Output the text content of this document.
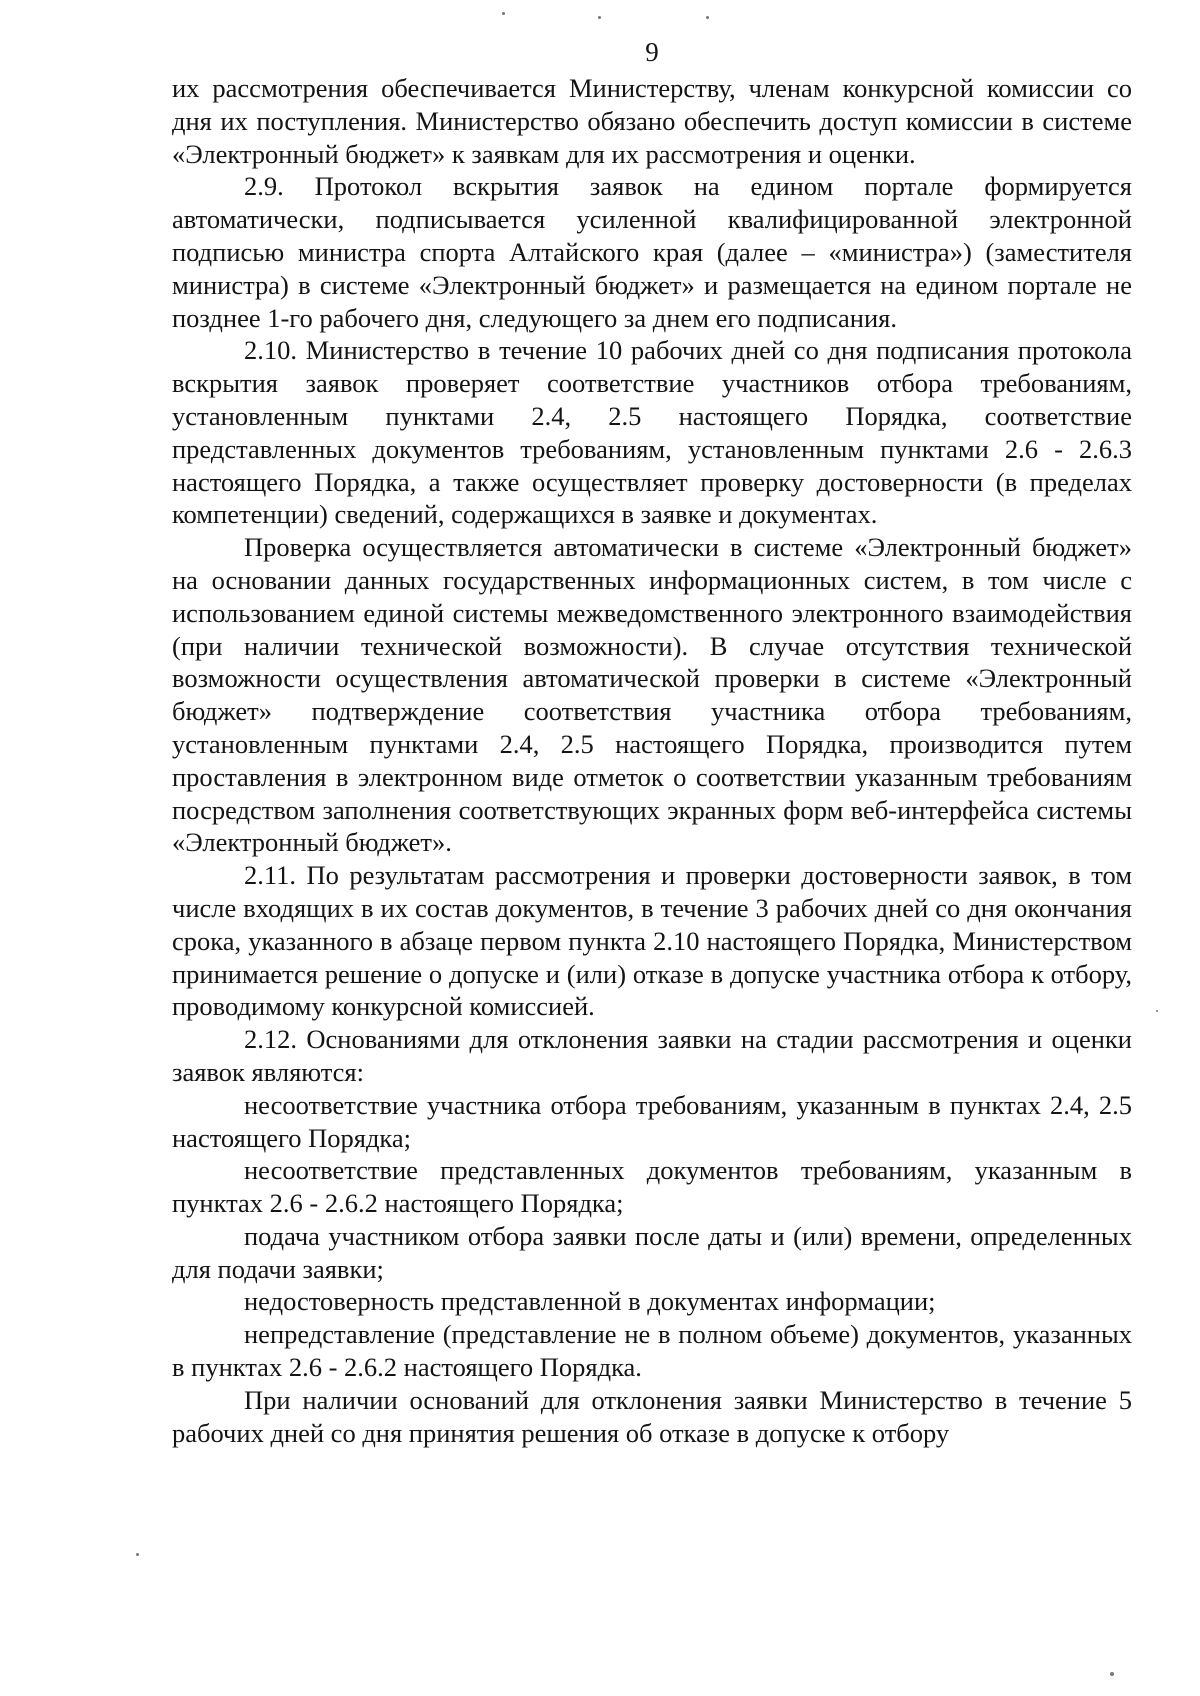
9

их рассмотрения обеспечивается Министерству, членам конкурсной комиссии со дня их поступления. Министерство обязано обеспечить доступ комиссии в системе «Электронный бюджет» к заявкам для их рассмотрения и оценки.

2.9. Протокол вскрытия заявок на едином портале формируется автоматически, подписывается усиленной квалифицированной электронной подписью министра спорта Алтайского края (далее – «министра») (заместителя министра) в системе «Электронный бюджет» и размещается на едином портале не позднее 1-го рабочего дня, следующего за днем его подписания.

2.10. Министерство в течение 10 рабочих дней со дня подписания протокола вскрытия заявок проверяет соответствие участников отбора требованиям, установленным пунктами 2.4, 2.5 настоящего Порядка, соответствие представленных документов требованиям, установленным пунктами 2.6 - 2.6.3 настоящего Порядка, а также осуществляет проверку достоверности (в пределах компетенции) сведений, содержащихся в заявке и документах.

Проверка осуществляется автоматически в системе «Электронный бюджет» на основании данных государственных информационных систем, в том числе с использованием единой системы межведомственного электронного взаимодействия (при наличии технической возможности). В случае отсутствия технической возможности осуществления автоматической проверки в системе «Электронный бюджет» подтверждение соответствия участника отбора требованиям, установленным пунктами 2.4, 2.5 настоящего Порядка, производится путем проставления в электронном виде отметок о соответствии указанным требованиям посредством заполнения соответствующих экранных форм веб-интерфейса системы «Электронный бюджет».

2.11. По результатам рассмотрения и проверки достоверности заявок, в том числе входящих в их состав документов, в течение 3 рабочих дней со дня окончания срока, указанного в абзаце первом пункта 2.10 настоящего Порядка, Министерством принимается решение о допуске и (или) отказе в допуске участника отбора к отбору, проводимому конкурсной комиссией.

2.12. Основаниями для отклонения заявки на стадии рассмотрения и оценки заявок являются:

несоответствие участника отбора требованиям, указанным в пунктах 2.4, 2.5 настоящего Порядка;

несоответствие представленных документов требованиям, указанным в пунктах 2.6 - 2.6.2 настоящего Порядка;

подача участником отбора заявки после даты и (или) времени, определенных для подачи заявки;

недостоверность представленной в документах информации;

непредставление (представление не в полном объеме) документов, указанных в пунктах 2.6 - 2.6.2 настоящего Порядка.

При наличии оснований для отклонения заявки Министерство в течение 5 рабочих дней со дня принятия решения об отказе в допуске к отбору
